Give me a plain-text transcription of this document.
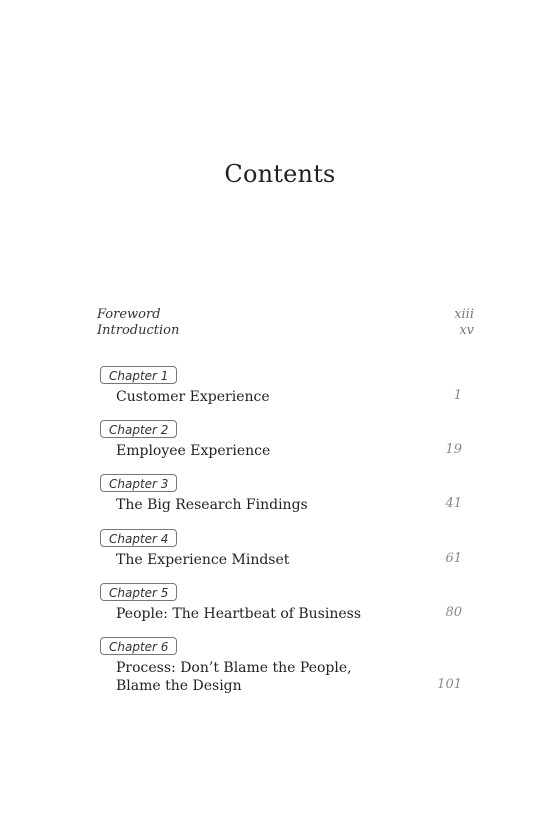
Contents
Foreword	xiii
Introduction	xv
Chapter 1
Customer Experience	1
Chapter 2
Employee Experience	19
Chapter 3
The Big Research Findings	41
Chapter 4
The Experience Mindset	61
Chapter 5
People: The Heartbeat of Business	80
Chapter 6
Process: Don’t Blame the People,
Blame the Design	101
